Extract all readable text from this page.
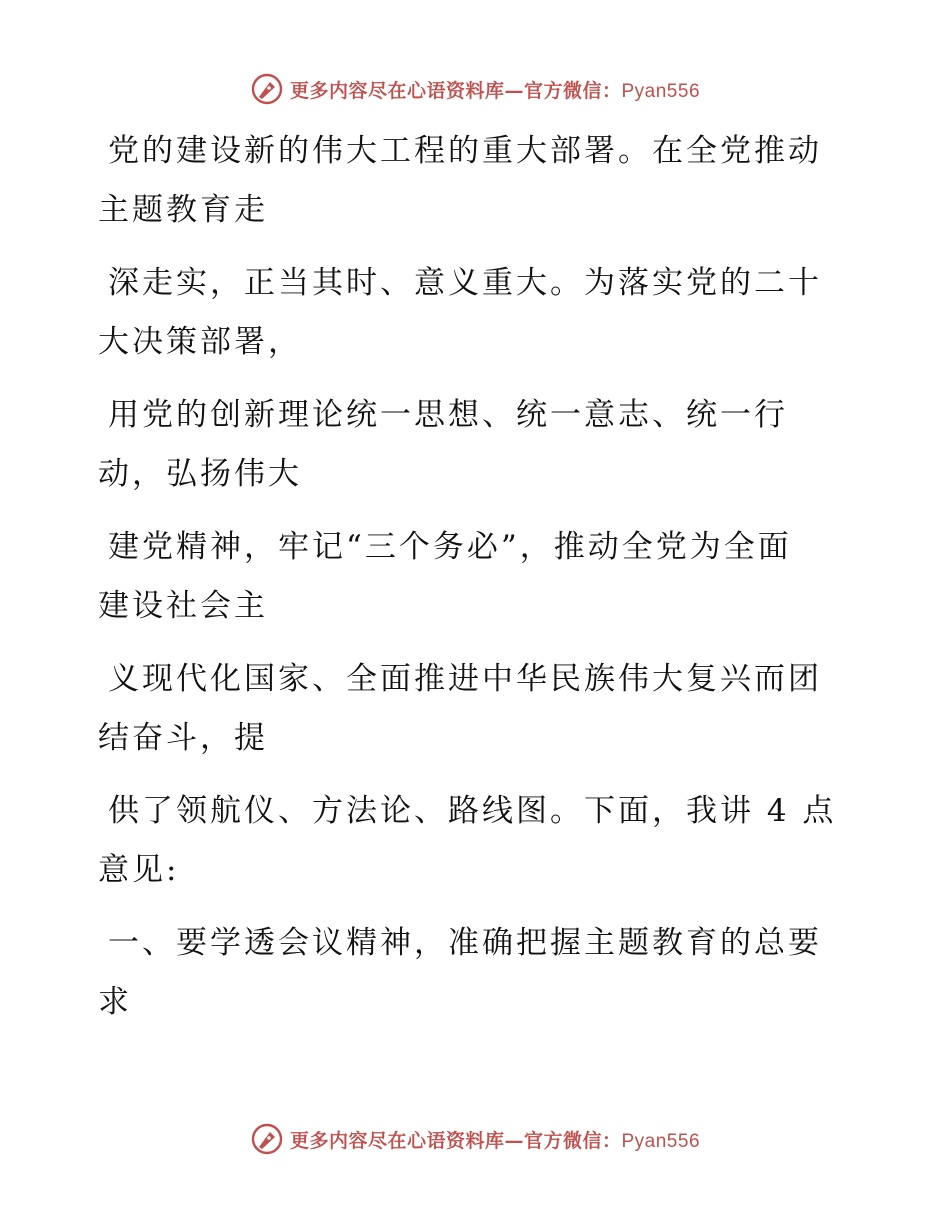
更多内容尽在心语资料库—官方微信：Pyan556

党的建设新的伟大工程的重大部署。在全党推动
主题教育走

深走实，正当其时、意义重大。为落实党的二十
大决策部署，

用党的创新理论统一思想、统一意志、统一行
动，弘扬伟大

建党精神，牢记“三个务必”，推动全党为全面
建设社会主

义现代化国家、全面推进中华民族伟大复兴而团
结奋斗，提

供了领航仪、方法论、路线图。下面，我讲 4 点
意见:

一、要学透会议精神，准确把握主题教育的总要
求

更多内容尽在心语资料库—官方微信：Pyan556
